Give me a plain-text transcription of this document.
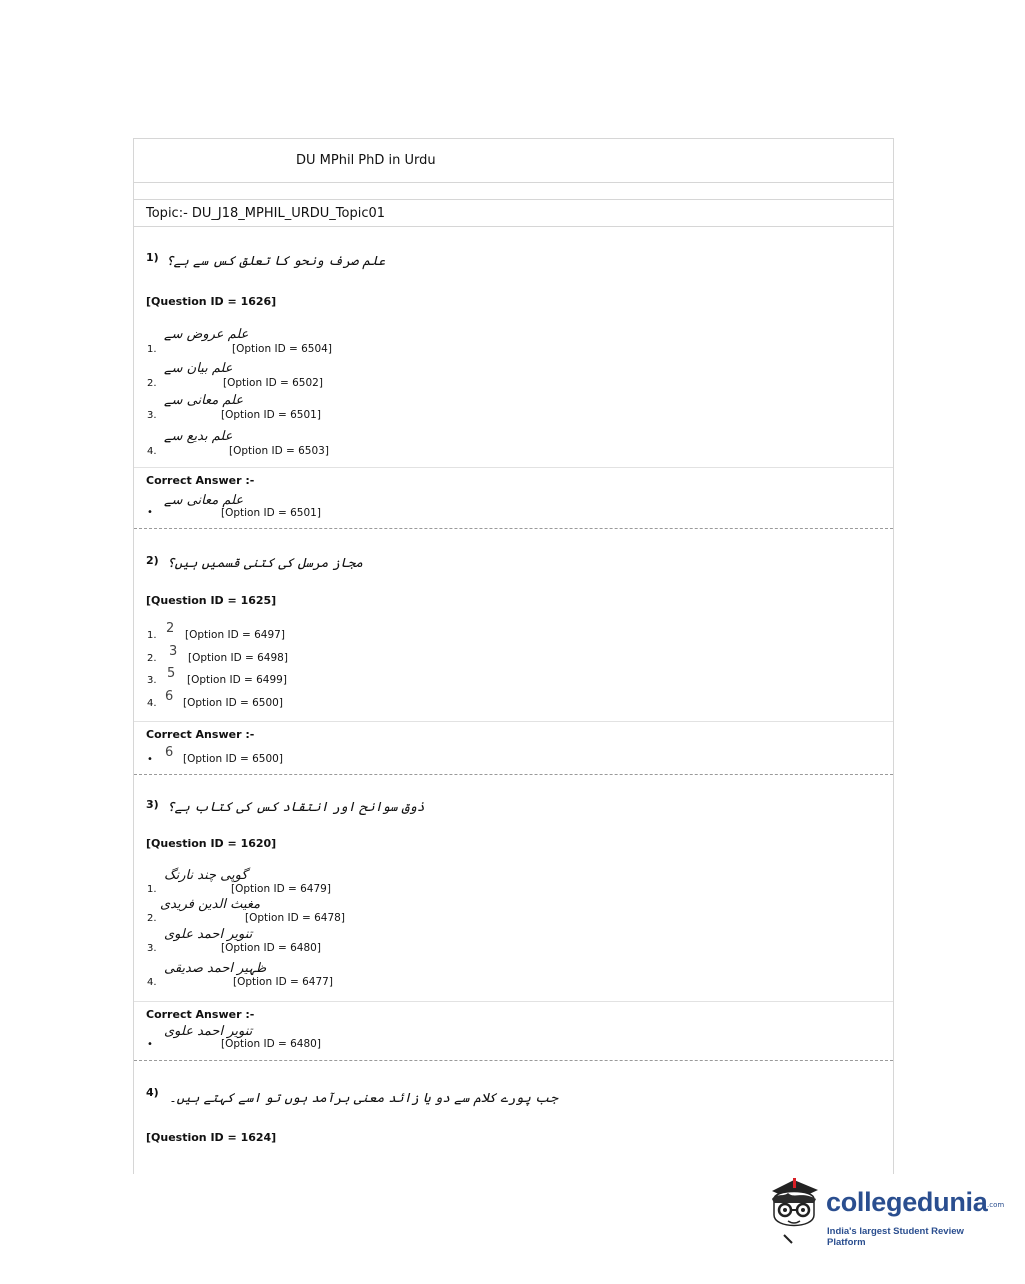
DU MPhil PhD in Urdu
Topic:- DU_J18_MPHIL_URDU_Topic01
1) علم صرف ونحو کا تعلق کس سے ہے؟
[Question ID = 1626]
1.
علم عروض سے
[Option ID = 6504]
2.
علم بیان سے
[Option ID = 6502]
3.
علم معانی سے
[Option ID = 6501]
4.
علم بدیع سے
[Option ID = 6503]
Correct Answer :-
•
علم معانی سے
[Option ID = 6501]
2) مجاز مرسل کی کتنی قسمیں ہیں؟
[Question ID = 1625]
1. 2 [Option ID = 6497]
2. 3 [Option ID = 6498]
3. 5 [Option ID = 6499]
4. 6 [Option ID = 6500]
Correct Answer :-
• 6 [Option ID = 6500]
3) ذوق سوانح اور انتقاد کس کی کتاب ہے؟
[Question ID = 1620]
1.
گوپی چند نارنگ
[Option ID = 6479]
2.
مغیث الدین فریدی
[Option ID = 6478]
3.
تنویر احمد علوی
[Option ID = 6480]
4.
ظہیر احمد صدیقی
[Option ID = 6477]
Correct Answer :-
•
تنویر احمد علوی
[Option ID = 6480]
4) جب پورے کلام سے دو یا زائد معنی برآمد ہوں تو اسے کہتے ہیں۔
[Question ID = 1624]
collegedunia .com
India's largest Student Review Platform
